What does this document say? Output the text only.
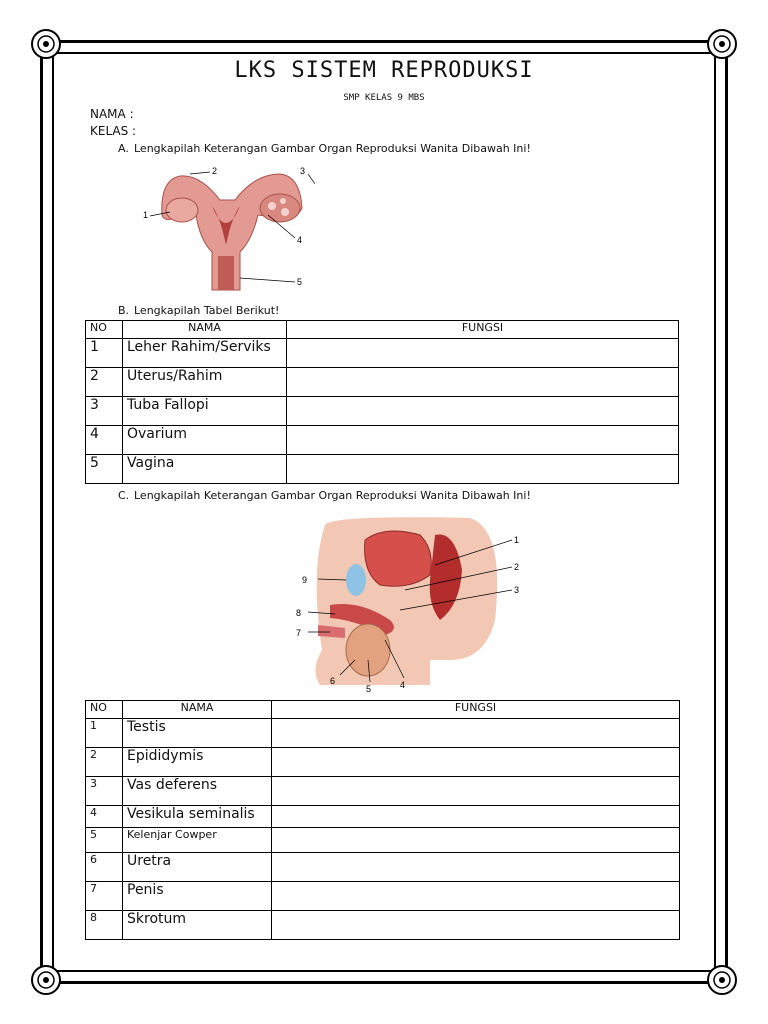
LKS SISTEM REPRODUKSI
SMP KELAS 9 MBS
NAMA :
KELAS :
A. Lengkapilah Keterangan Gambar Organ Reproduksi Wanita Dibawah Ini!
1
2	3
4
5
B. Lengkapilah Tabel Berikut!
NO	NAMA	FUNGSI
1	Leher Rahim/Serviks	
2	Uterus/Rahim	
3	Tuba Fallopi	
4	Ovarium	
5	Vagina	
C. Lengkapilah Keterangan Gambar Organ Reproduksi Wanita Dibawah Ini!
1
2
3
4
5
6
7
8
9
NO	NAMA	FUNGSI
1	Testis	
2	Epididymis	
3	Vas deferens	
4	Vesikula seminalis	
5	Kelenjar Cowper	
6	Uretra	
7	Penis	
8	Skrotum	
